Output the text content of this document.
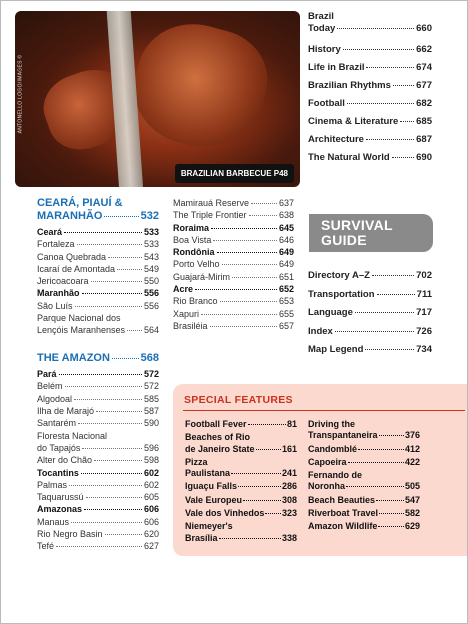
ANTONELLO LOGO/IMAGES ©
BRAZILIAN BARBECUE P48
Brazil
Today	660
History	662
Life in Brazil	674
Brazilian Rhythms	677
Football	682
Cinema & Literature 685
Architecture	687
The Natural World	690
CEARÁ, PIAUÍ &
MARANHÃO	532
Ceará	533
Fortaleza	533
Canoa Quebrada	543
Icaraí de Amontada	549
Jericoacoara	550
Maranhão	556
São Luís	556
Parque Nacional dos
Lençóis Maranhenses 564
THE AMAZON	568
Pará	572
Belém	572
Algodoal	585
Ilha de Marajó	587
Santarém	590
Floresta Nacional
do Tapajós	596
Alter do Chão	598
Tocantins	602
Palmas	602
Taquarussú	605
Amazonas	606
Manaus	606
Rio Negro Basin	620
Tefé	627
Mamirauá Reserve	637
The Triple Frontier	638
Roraima	645
Boa Vista	646
Rondônia	649
Porto Velho	649
Guajará-Mirim	651
Acre	652
Rio Branco	653
Xapuri	655
Brasiléia	657
SURVIVAL
GUIDE
Directory A–Z	702
Transportation	711
Language	717
Index	726
Map Legend	734
SPECIAL FEATURES
Football Fever	81
Beaches of Rio
de Janeiro State	161
Pizza
Paulistana	241
Iguaçu Falls	286
Vale Europeu	308
Vale dos Vinhedos 323
Niemeyer's
Brasília	338
Driving the
Transpantaneira	376
Candomblé	412
Capoeira	422
Fernando de
Noronha	505
Beach Beauties	547
Riverboat Travel	582
Amazon Wildlife	629
